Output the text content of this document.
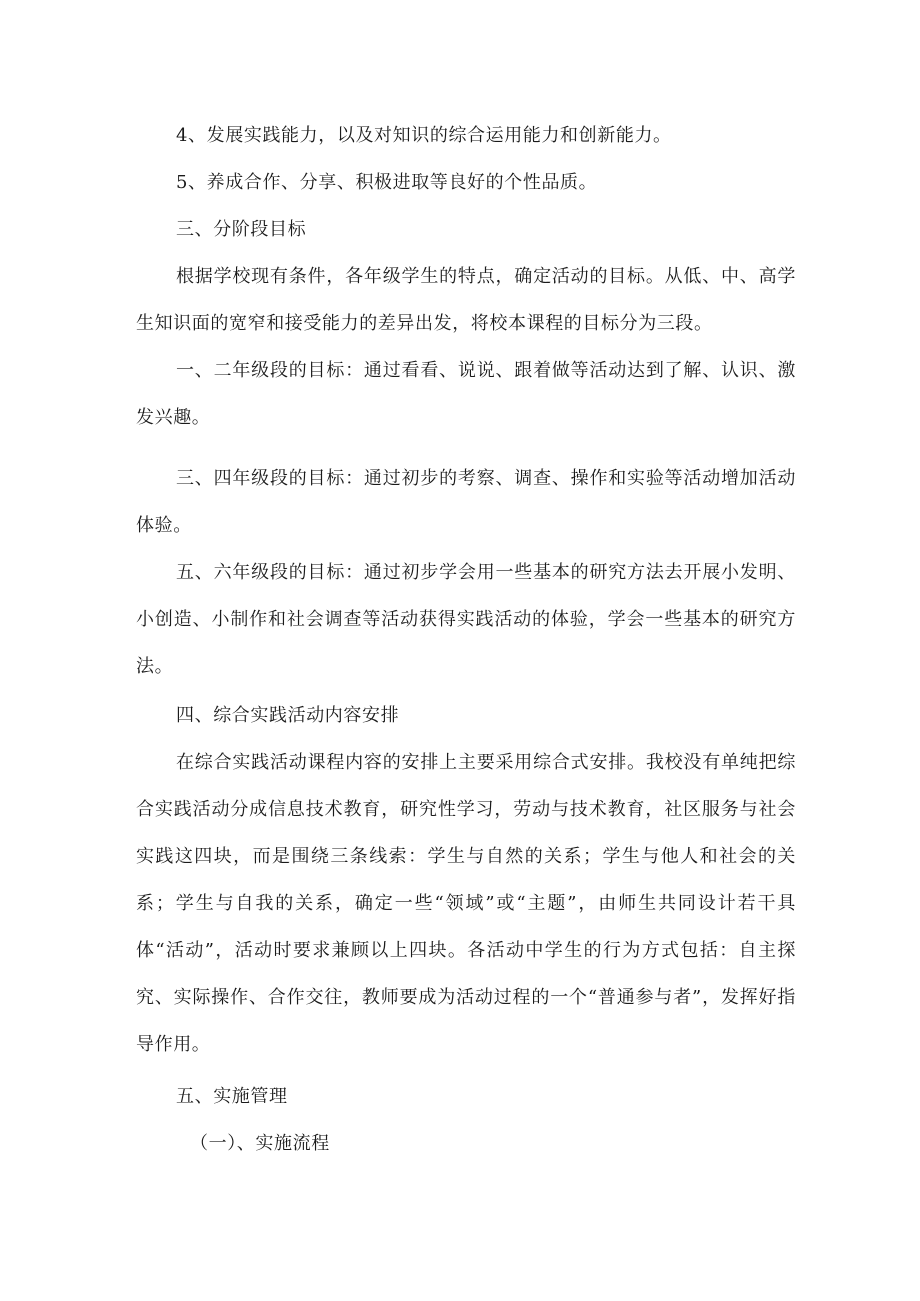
4、发展实践能力，以及对知识的综合运用能力和创新能力。

5、养成合作、分享、积极进取等良好的个性品质。

三、分阶段目标

根据学校现有条件，各年级学生的特点，确定活动的目标。从低、中、高学生知识面的宽窄和接受能力的差异出发，将校本课程的目标分为三段。

一、二年级段的目标：通过看看、说说、跟着做等活动达到了解、认识、激发兴趣。

三、四年级段的目标：通过初步的考察、调查、操作和实验等活动增加活动体验。

五、六年级段的目标：通过初步学会用一些基本的研究方法去开展小发明、小创造、小制作和社会调查等活动获得实践活动的体验，学会一些基本的研究方法。

四、综合实践活动内容安排

在综合实践活动课程内容的安排上主要采用综合式安排。我校没有单纯把综合实践活动分成信息技术教育，研究性学习，劳动与技术教育，社区服务与社会实践这四块，而是围绕三条线索：学生与自然的关系；学生与他人和社会的关系；学生与自我的关系，确定一些“领域”或“主题”，由师生共同设计若干具体“活动”，活动时要求兼顾以上四块。各活动中学生的行为方式包括：自主探究、实际操作、合作交往，教师要成为活动过程的一个“普通参与者”，发挥好指导作用。

五、实施管理

（一）、实施流程
